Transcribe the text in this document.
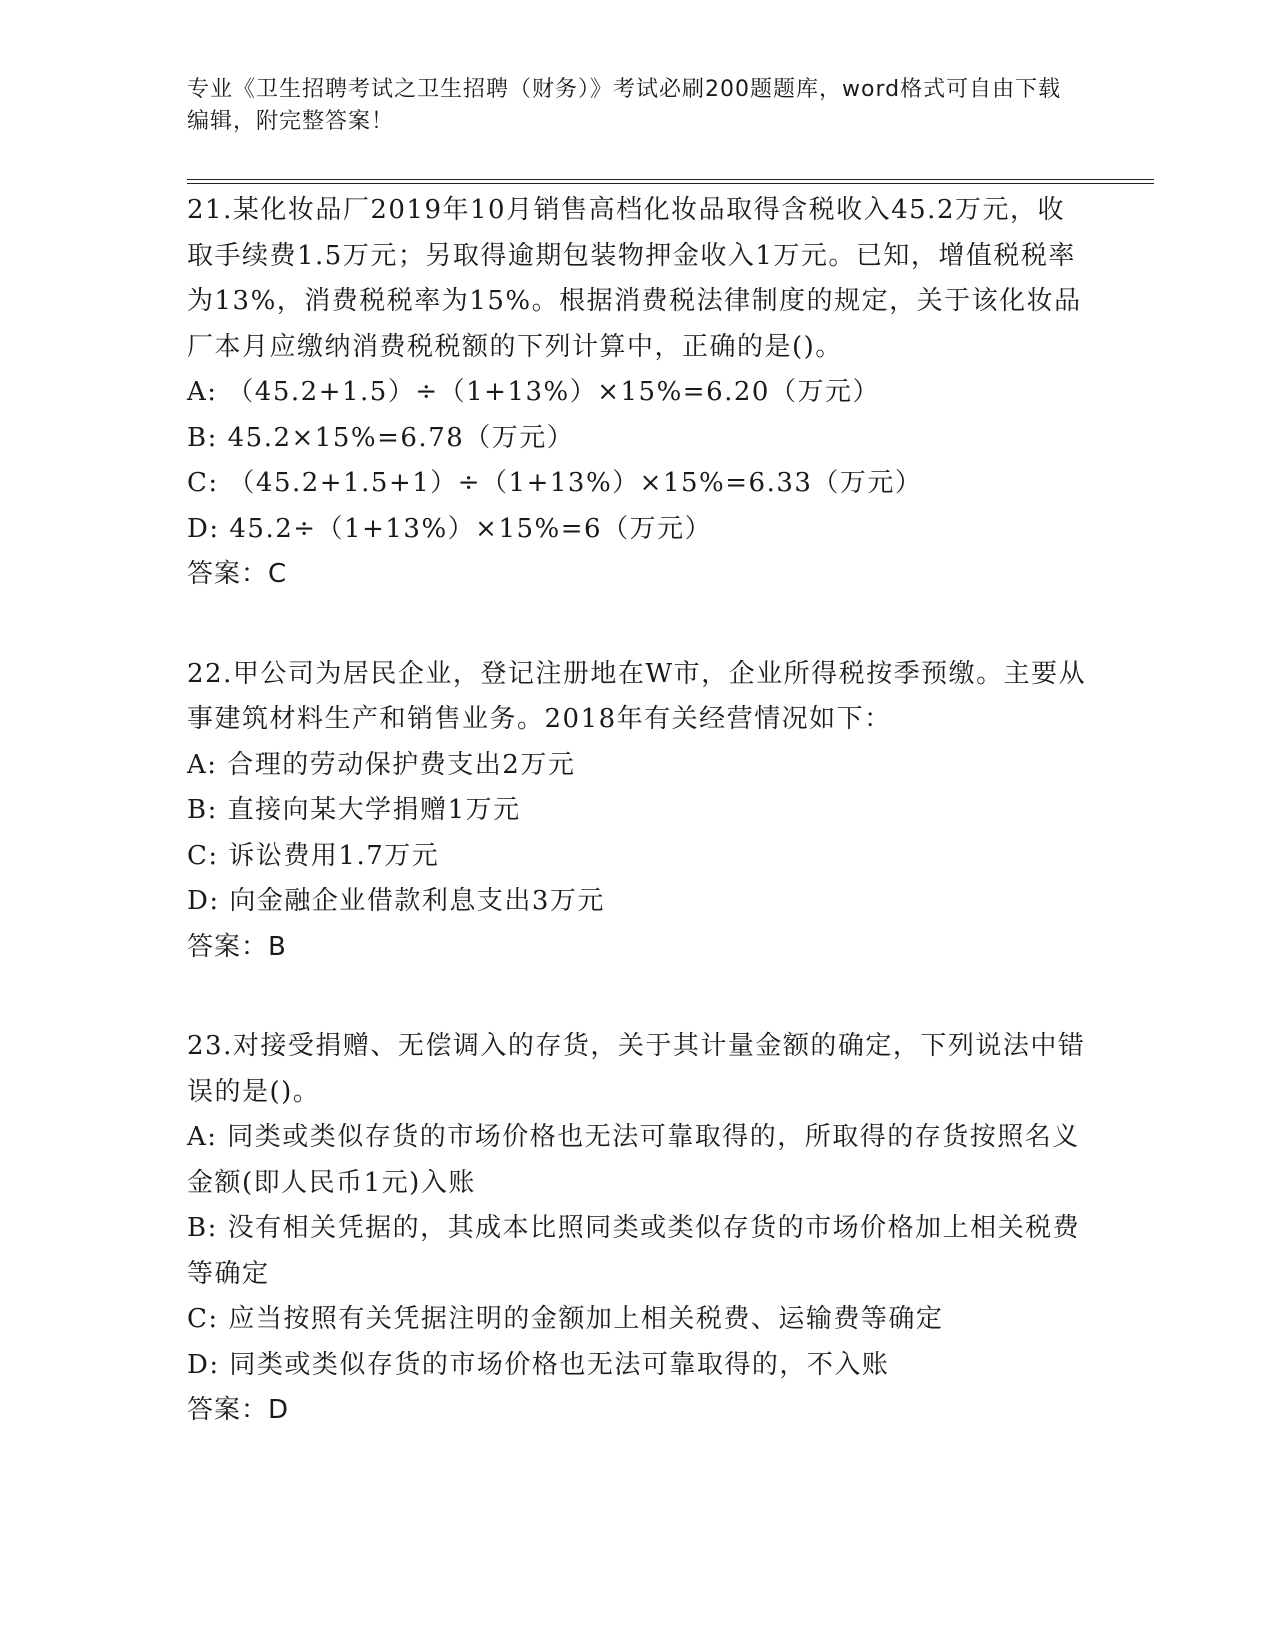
专业《卫生招聘考试之卫生招聘（财务）》考试必刷200题题库，word格式可自由下载编辑，附完整答案！

21.某化妆品厂2019年10月销售高档化妆品取得含税收入45.2万元，收取手续费1.5万元；另取得逾期包装物押金收入1万元。已知，增值税税率为13%，消费税税率为15%。根据消费税法律制度的规定，关于该化妆品厂本月应缴纳消费税税额的下列计算中，正确的是()。

A: （45.2+1.5）÷（1+13%）×15%=6.20（万元）

B: 45.2×15%=6.78（万元）

C: （45.2+1.5+1）÷（1+13%）×15%=6.33（万元）

D: 45.2÷（1+13%）×15%=6（万元）

答案：C

22.甲公司为居民企业，登记注册地在W市，企业所得税按季预缴。主要从事建筑材料生产和销售业务。2018年有关经营情况如下：

A: 合理的劳动保护费支出2万元

B: 直接向某大学捐赠1万元

C: 诉讼费用1.7万元

D: 向金融企业借款利息支出3万元

答案：B

23.对接受捐赠、无偿调入的存货，关于其计量金额的确定，下列说法中错误的是()。

A: 同类或类似存货的市场价格也无法可靠取得的，所取得的存货按照名义金额(即人民币1元)入账

B: 没有相关凭据的，其成本比照同类或类似存货的市场价格加上相关税费等确定

C: 应当按照有关凭据注明的金额加上相关税费、运输费等确定

D: 同类或类似存货的市场价格也无法可靠取得的，不入账

答案：D
